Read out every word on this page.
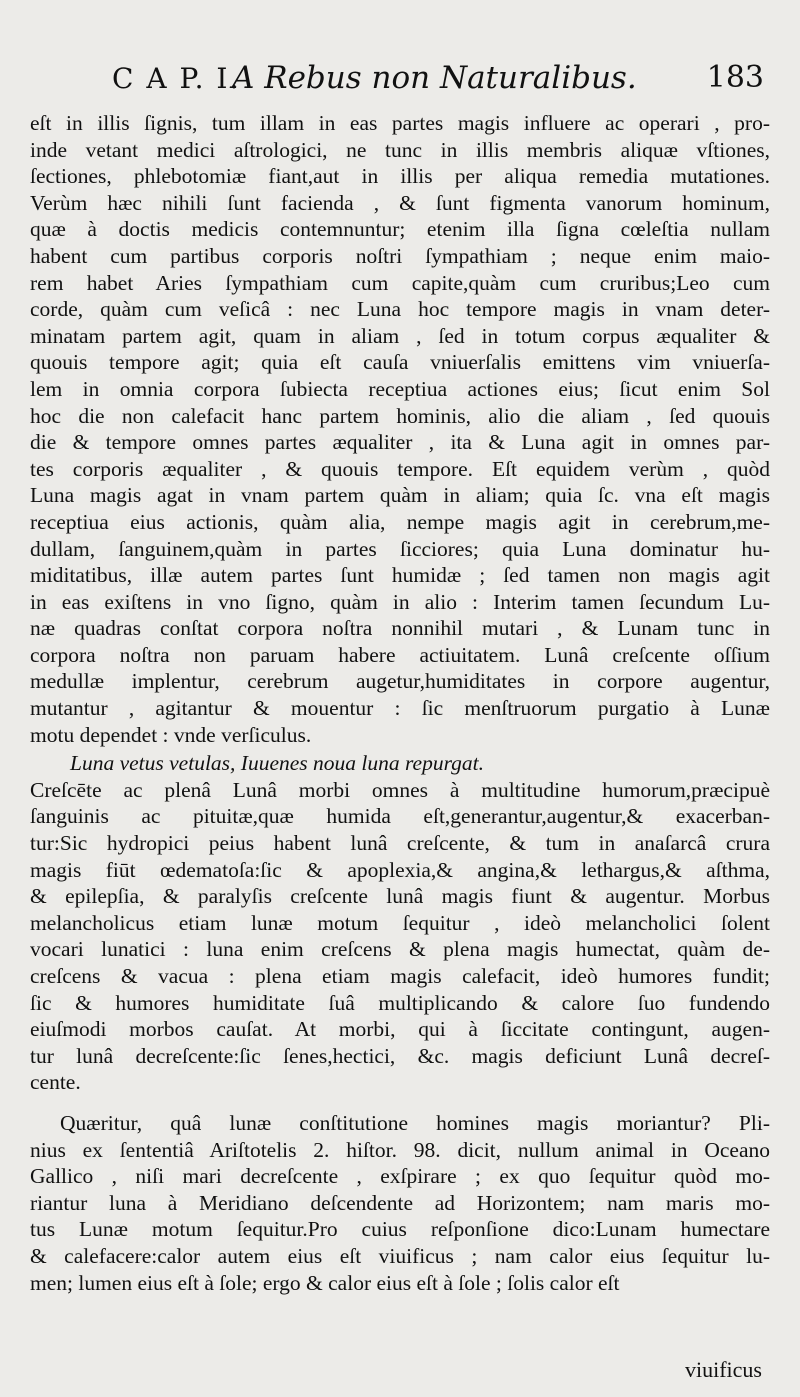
C A P. I.
A Rebus non Naturalibus. 183
eſt in illis ſignis, tum illam in eas partes magis influere ac operari , pro-
inde vetant medici aſtrologici, ne tunc in illis membris aliquæ vſtiones,
ſectiones, phlebotomiæ fiant,aut in illis per aliqua remedia mutationes.
Verùm hæc nihili ſunt facienda , & ſunt figmenta vanorum hominum,
quæ à doctis medicis contemnuntur; etenim illa ſigna cœleſtia nullam
habent cum partibus corporis noſtri ſympathiam ; neque enim maio-
rem habet Aries ſympathiam cum capite,quàm cum cruribus;Leo cum
corde, quàm cum veſicâ : nec Luna hoc tempore magis in vnam deter-
minatam partem agit, quam in aliam , ſed in totum corpus æqualiter &
quouis tempore agit; quia eſt cauſa vniuerſalis emittens vim vniuerſa-
lem in omnia corpora ſubiecta receptiua actiones eius; ſicut enim Sol
hoc die non calefacit hanc partem hominis, alio die aliam , ſed quouis
die & tempore omnes partes æqualiter , ita & Luna agit in omnes par-
tes corporis æqualiter , & quouis tempore. Eſt equidem verùm , quòd
Luna magis agat in vnam partem quàm in aliam; quia ſc. vna eſt magis
receptiua eius actionis, quàm alia, nempe magis agit in cerebrum,me-
dullam, ſanguinem,quàm in partes ſicciores; quia Luna dominatur hu-
miditatibus, illæ autem partes ſunt humidæ ; ſed tamen non magis agit
in eas exiſtens in vno ſigno, quàm in alio : Interim tamen ſecundum Lu-
næ quadras conſtat corpora noſtra nonnihil mutari , & Lunam tunc in
corpora noſtra non paruam habere actiuitatem. Lunâ creſcente oſſium
medullæ implentur, cerebrum augetur,humiditates in corpore augentur,
mutantur , agitantur & mouentur : ſic menſtruorum purgatio à Lunæ
motu dependet : vnde verſiculus.
Luna vetus vetulas, Iuuenes noua luna repurgat.
Creſcēte ac plenâ Lunâ morbi omnes à multitudine humorum,præcipuè
ſanguinis ac pituitæ,quæ humida eſt,generantur,augentur,& exacerban-
tur:Sic hydropici peius habent lunâ creſcente, & tum in anaſarcâ crura
magis fiūt œdematoſa:ſic & apoplexia,& angina,& lethargus,& aſthma,
& epilepſia, & paralyſis creſcente lunâ magis fiunt & augentur. Morbus
melancholicus etiam lunæ motum ſequitur , ideò melancholici ſolent
vocari lunatici : luna enim creſcens & plena magis humectat, quàm de-
creſcens & vacua : plena etiam magis calefacit, ideò humores fundit;
ſic & humores humiditate ſuâ multiplicando & calore ſuo fundendo
eiuſmodi morbos cauſat. At morbi, qui à ſiccitate contingunt, augen-
tur lunâ decreſcente:ſic ſenes,hectici, &c. magis deficiunt Lunâ decreſ-
cente.
Quæritur, quâ lunæ conſtitutione homines magis moriantur? Pli-
nius ex ſententiâ Ariſtotelis 2. hiſtor. 98. dicit, nullum animal in Oceano
Gallico , niſi mari decreſcente , exſpirare ; ex quo ſequitur quòd mo-
riantur luna à Meridiano deſcendente ad Horizontem; nam maris mo-
tus Lunæ motum ſequitur.Pro cuius reſponſione dico:Lunam humectare
& calefacere:calor autem eius eſt viuificus ; nam calor eius ſequitur lu-
men; lumen eius eſt à ſole; ergo & calor eius eſt à ſole ; ſolis calor eſt
viuificus
